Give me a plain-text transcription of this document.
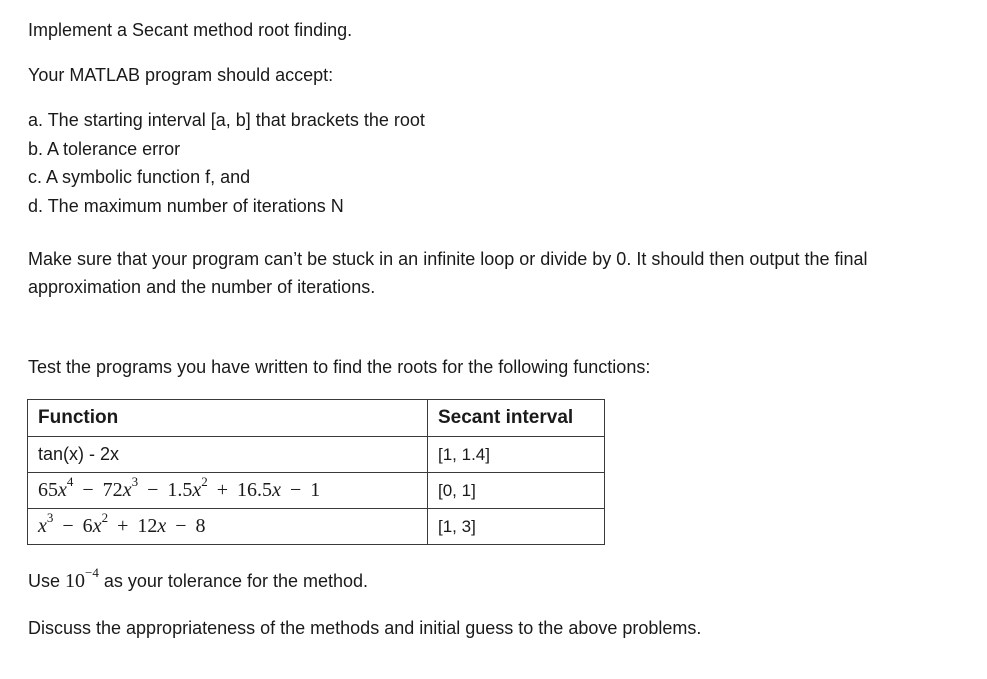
Implement a Secant method root finding.
Your MATLAB program should accept:
a. The starting interval [a, b] that brackets the root
b. A tolerance error
c. A symbolic function f, and
d. The maximum number of iterations N
Make sure that your program can’t be stuck in an infinite loop or divide by 0. It should then output the final approximation and the number of iterations.
Test the programs you have written to find the roots for the following functions:
Function	Secant interval
tan(x) - 2x	[1, 1.4]
$65x^4 - 72x^3 - 1.5x^2 + 16.5x - 1$	[0, 1]
$x^3 - 6x^2 + 12x - 8$	[1, 3]
Use $10^{-4}$ as your tolerance for the method.
Discuss the appropriateness of the methods and initial guess to the above problems.
